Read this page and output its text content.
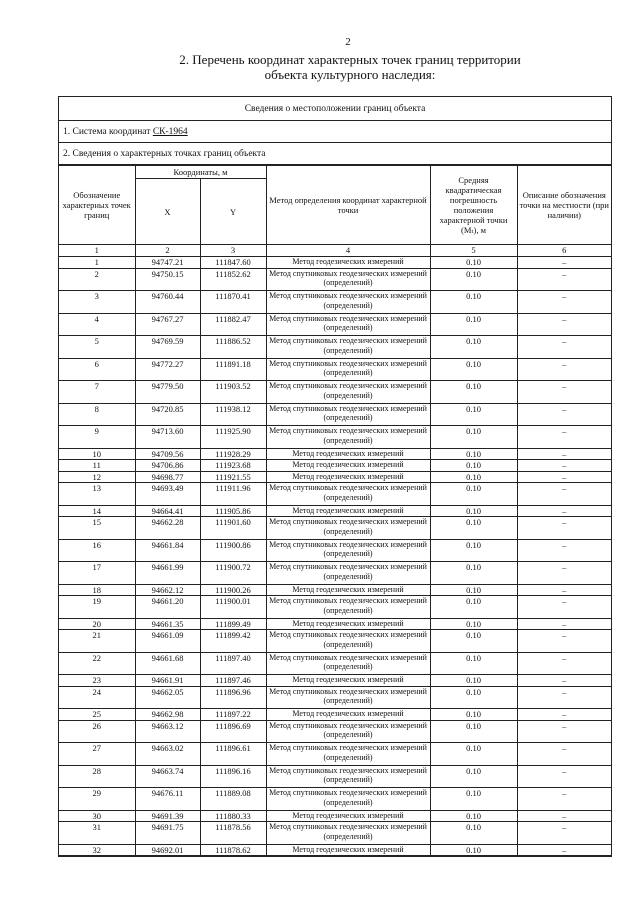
2
2. Перечень координат характерных точек границ территории
объекта культурного наследия:
Сведения о местоположении границ объекта
1. Система координат СК-1964
2. Сведения о характерных точках границ объекта
Обозначение характерных точек границ	Координаты, м		Метод определения координат характерной точки	Средняя квадратическая погрешность положения характерной точки (Mₜ), м	Описание обозначения точки на местности (при наличии)
	X	Y			
1	2	3	4	5	6
1	94747.21	111847.60	Метод геодезических измерений	0.10	–
2	94750.15	111852.62	Метод спутниковых геодезических измерений (определений)	0.10	–
3	94760.44	111870.41	Метод спутниковых геодезических измерений (определений)	0.10	–
4	94767.27	111882.47	Метод спутниковых геодезических измерений (определений)	0.10	–
5	94769.59	111886.52	Метод спутниковых геодезических измерений (определений)	0.10	–
6	94772.27	111891.18	Метод спутниковых геодезических измерений (определений)	0.10	–
7	94779.50	111903.52	Метод спутниковых геодезических измерений (определений)	0.10	–
8	94720.85	111938.12	Метод спутниковых геодезических измерений (определений)	0.10	–
9	94713.60	111925.90	Метод спутниковых геодезических измерений (определений)	0.10	–
10	94709.56	111928.29	Метод геодезических измерений	0.10	–
11	94706.86	111923.68	Метод геодезических измерений	0.10	–
12	94698.77	111921.55	Метод геодезических измерений	0.10	–
13	94693.49	111911.96	Метод спутниковых геодезических измерений (определений)	0.10	–
14	94664.41	111905.86	Метод геодезических измерений	0.10	–
15	94662.28	111901.60	Метод спутниковых геодезических измерений (определений)	0.10	–
16	94661.84	111900.86	Метод спутниковых геодезических измерений (определений)	0.10	–
17	94661.99	111900.72	Метод спутниковых геодезических измерений (определений)	0.10	–
18	94662.12	111900.26	Метод геодезических измерений	0.10	–
19	94661.20	111900.01	Метод спутниковых геодезических измерений (определений)	0.10	–
20	94661.35	111899.49	Метод геодезических измерений	0.10	–
21	94661.09	111899.42	Метод спутниковых геодезических измерений (определений)	0.10	–
22	94661.68	111897.40	Метод спутниковых геодезических измерений (определений)	0.10	–
23	94661.91	111897.46	Метод геодезических измерений	0.10	–
24	94662.05	111896.96	Метод спутниковых геодезических измерений (определений)	0.10	–
25	94662.98	111897.22	Метод геодезических измерений	0.10	–
26	94663.12	111896.69	Метод спутниковых геодезических измерений (определений)	0.10	–
27	94663.02	111896.61	Метод спутниковых геодезических измерений (определений)	0.10	–
28	94663.74	111896.16	Метод спутниковых геодезических измерений (определений)	0.10	–
29	94676.11	111889.08	Метод спутниковых геодезических измерений (определений)	0.10	–
30	94691.39	111880.33	Метод геодезических измерений	0.10	–
31	94691.75	111878.56	Метод спутниковых геодезических измерений (определений)	0.10	–
32	94692.01	111878.62	Метод геодезических измерений	0.10	–
